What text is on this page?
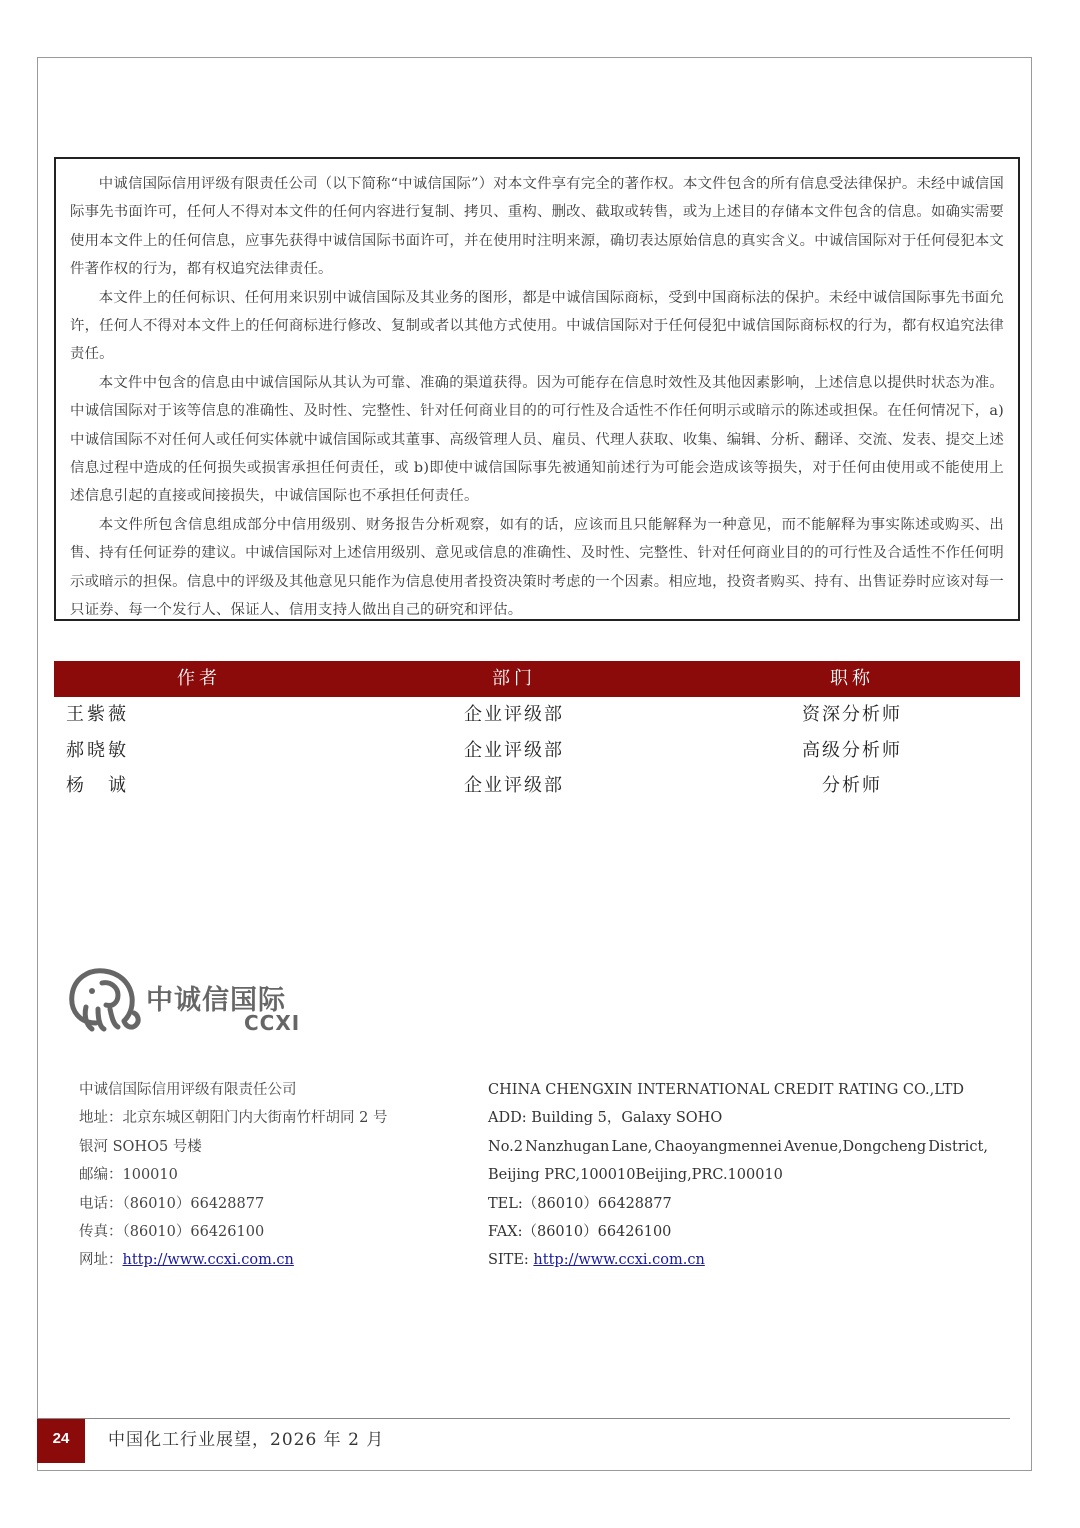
中诚信国际信用评级有限责任公司（以下简称“中诚信国际”）对本文件享有完全的著作权。本文件包含的所有信息受法律保护。未经中诚信国际事先书面许可，任何人不得对本文件的任何内容进行复制、拷贝、重构、删改、截取或转售，或为上述目的存储本文件包含的信息。如确实需要使用本文件上的任何信息，应事先获得中诚信国际书面许可，并在使用时注明来源，确切表达原始信息的真实含义。中诚信国际对于任何侵犯本文件著作权的行为，都有权追究法律责任。

本文件上的任何标识、任何用来识别中诚信国际及其业务的图形，都是中诚信国际商标，受到中国商标法的保护。未经中诚信国际事先书面允许，任何人不得对本文件上的任何商标进行修改、复制或者以其他方式使用。中诚信国际对于任何侵犯中诚信国际商标权的行为，都有权追究法律责任。

本文件中包含的信息由中诚信国际从其认为可靠、准确的渠道获得。因为可能存在信息时效性及其他因素影响，上述信息以提供时状态为准。中诚信国际对于该等信息的准确性、及时性、完整性、针对任何商业目的的可行性及合适性不作任何明示或暗示的陈述或担保。在任何情况下，a)中诚信国际不对任何人或任何实体就中诚信国际或其董事、高级管理人员、雇员、代理人获取、收集、编辑、分析、翻译、交流、发表、提交上述信息过程中造成的任何损失或损害承担任何责任，或 b)即使中诚信国际事先被通知前述行为可能会造成该等损失，对于任何由使用或不能使用上述信息引起的直接或间接损失，中诚信国际也不承担任何责任。

本文件所包含信息组成部分中信用级别、财务报告分析观察，如有的话，应该而且只能解释为一种意见，而不能解释为事实陈述或购买、出售、持有任何证券的建议。中诚信国际对上述信用级别、意见或信息的准确性、及时性、完整性、针对任何商业目的的可行性及合适性不作任何明示或暗示的担保。信息中的评级及其他意见只能作为信息使用者投资决策时考虑的一个因素。相应地，投资者购买、持有、出售证券时应该对每一只证券、每一个发行人、保证人、信用支持人做出自己的研究和评估。

作者	部门	职称
王紫薇	企业评级部	资深分析师
郝晓敏	企业评级部	高级分析师
杨　诚	企业评级部	分析师
中诚信国际
CCXI
中诚信国际信用评级有限责任公司
地址：北京东城区朝阳门内大街南竹杆胡同 2 号
银河 SOHO5 号楼
邮编：100010
电话：（86010）66428877
传真：（86010）66426100
网址：http://www.ccxi.com.cn
CHINA CHENGXIN INTERNATIONAL CREDIT RATING CO.,LTD
ADD: Building 5，Galaxy SOHO
No.2 Nanzhugan Lane, Chaoyangmennei Avenue,Dongcheng District,
Beijing PRC,100010Beijing,PRC.100010
TEL:（86010）66428877
FAX:（86010）66426100
SITE: http://www.ccxi.com.cn
24	中国化工行业展望，2026 年 2 月
